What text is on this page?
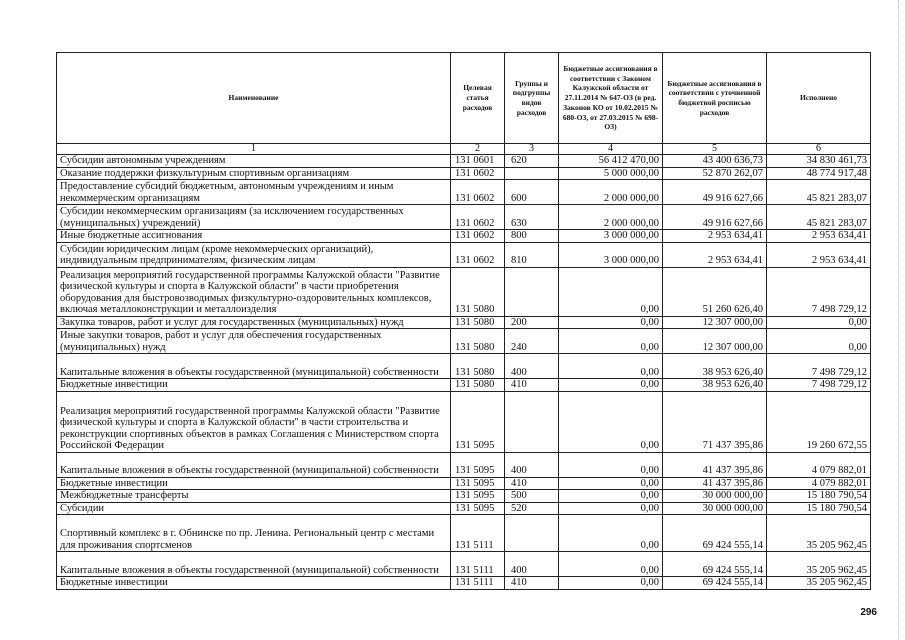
Наименование	Целевая статья расходов	Группы и подгруппы видов расходов	Бюджетные ассигнования в соответствии с Законом Калужской области от 27.11.2014 № 647-ОЗ (в ред. Законов КО от 10.02.2015 № 680-ОЗ, от 27.03.2015 № 698-ОЗ)	Бюджетные ассигнования в соответствии с уточненной бюджетной росписью расходов	Исполнено
1	2	3	4	5	6
Субсидии автономным учреждениям	131 0601	620	56 412 470,00	43 400 636,73	34 830 461,73
Оказание поддержки физкультурным спортивным организациям	131 0602		5 000 000,00	52 870 262,07	48 774 917,48
Предоставление субсидий бюджетным, автономным учреждениям и иным некоммерческим организациям	131 0602	600	2 000 000,00	49 916 627,66	45 821 283,07
Субсидии некоммерческим организациям (за исключением государственных (муниципальных) учреждений)	131 0602	630	2 000 000,00	49 916 627,66	45 821 283,07
Иные бюджетные ассигнования	131 0602	800	3 000 000,00	2 953 634,41	2 953 634,41
Субсидии юридическим лицам (кроме некоммерческих организаций), индивидуальным предпринимателям, физическим лицам	131 0602	810	3 000 000,00	2 953 634,41	2 953 634,41
Реализация мероприятий государственной программы Калужской области "Развитие физической культуры и спорта в Калужской области" в части приобретения оборудования для быстровозводимых физкультурно-оздоровительных комплексов, включая металлоконструкции и металлоизделия	131 5080		0,00	51 260 626,40	7 498 729,12
Закупка товаров, работ и услуг для государственных (муниципальных) нужд	131 5080	200	0,00	12 307 000,00	0,00
Иные закупки товаров, работ и услуг для обеспечения государственных (муниципальных) нужд	131 5080	240	0,00	12 307 000,00	0,00
Капитальные вложения в объекты государственной (муниципальной) собственности	131 5080	400	0,00	38 953 626,40	7 498 729,12
Бюджетные инвестиции	131 5080	410	0,00	38 953 626,40	7 498 729,12
Реализация мероприятий государственной программы Калужской области "Развитие физической культуры и спорта в Калужской области" в части строительства и реконструкции спортивных объектов в рамках Соглашения с Министерством спорта Российской Федерации	131 5095		0,00	71 437 395,86	19 260 672,55
Капитальные вложения в объекты государственной (муниципальной) собственности	131 5095	400	0,00	41 437 395,86	4 079 882,01
Бюджетные инвестиции	131 5095	410	0,00	41 437 395,86	4 079 882,01
Межбюджетные трансферты	131 5095	500	0,00	30 000 000,00	15 180 790,54
Субсидии	131 5095	520	0,00	30 000 000,00	15 180 790,54
Спортивный комплекс в г. Обнинске по пр. Ленина. Региональный центр с местами для проживания спортсменов	131 5111		0,00	69 424 555,14	35 205 962,45
Капитальные вложения в объекты государственной (муниципальной) собственности	131 5111	400	0,00	69 424 555,14	35 205 962,45
Бюджетные инвестиции	131 5111	410	0,00	69 424 555,14	35 205 962,45
296
